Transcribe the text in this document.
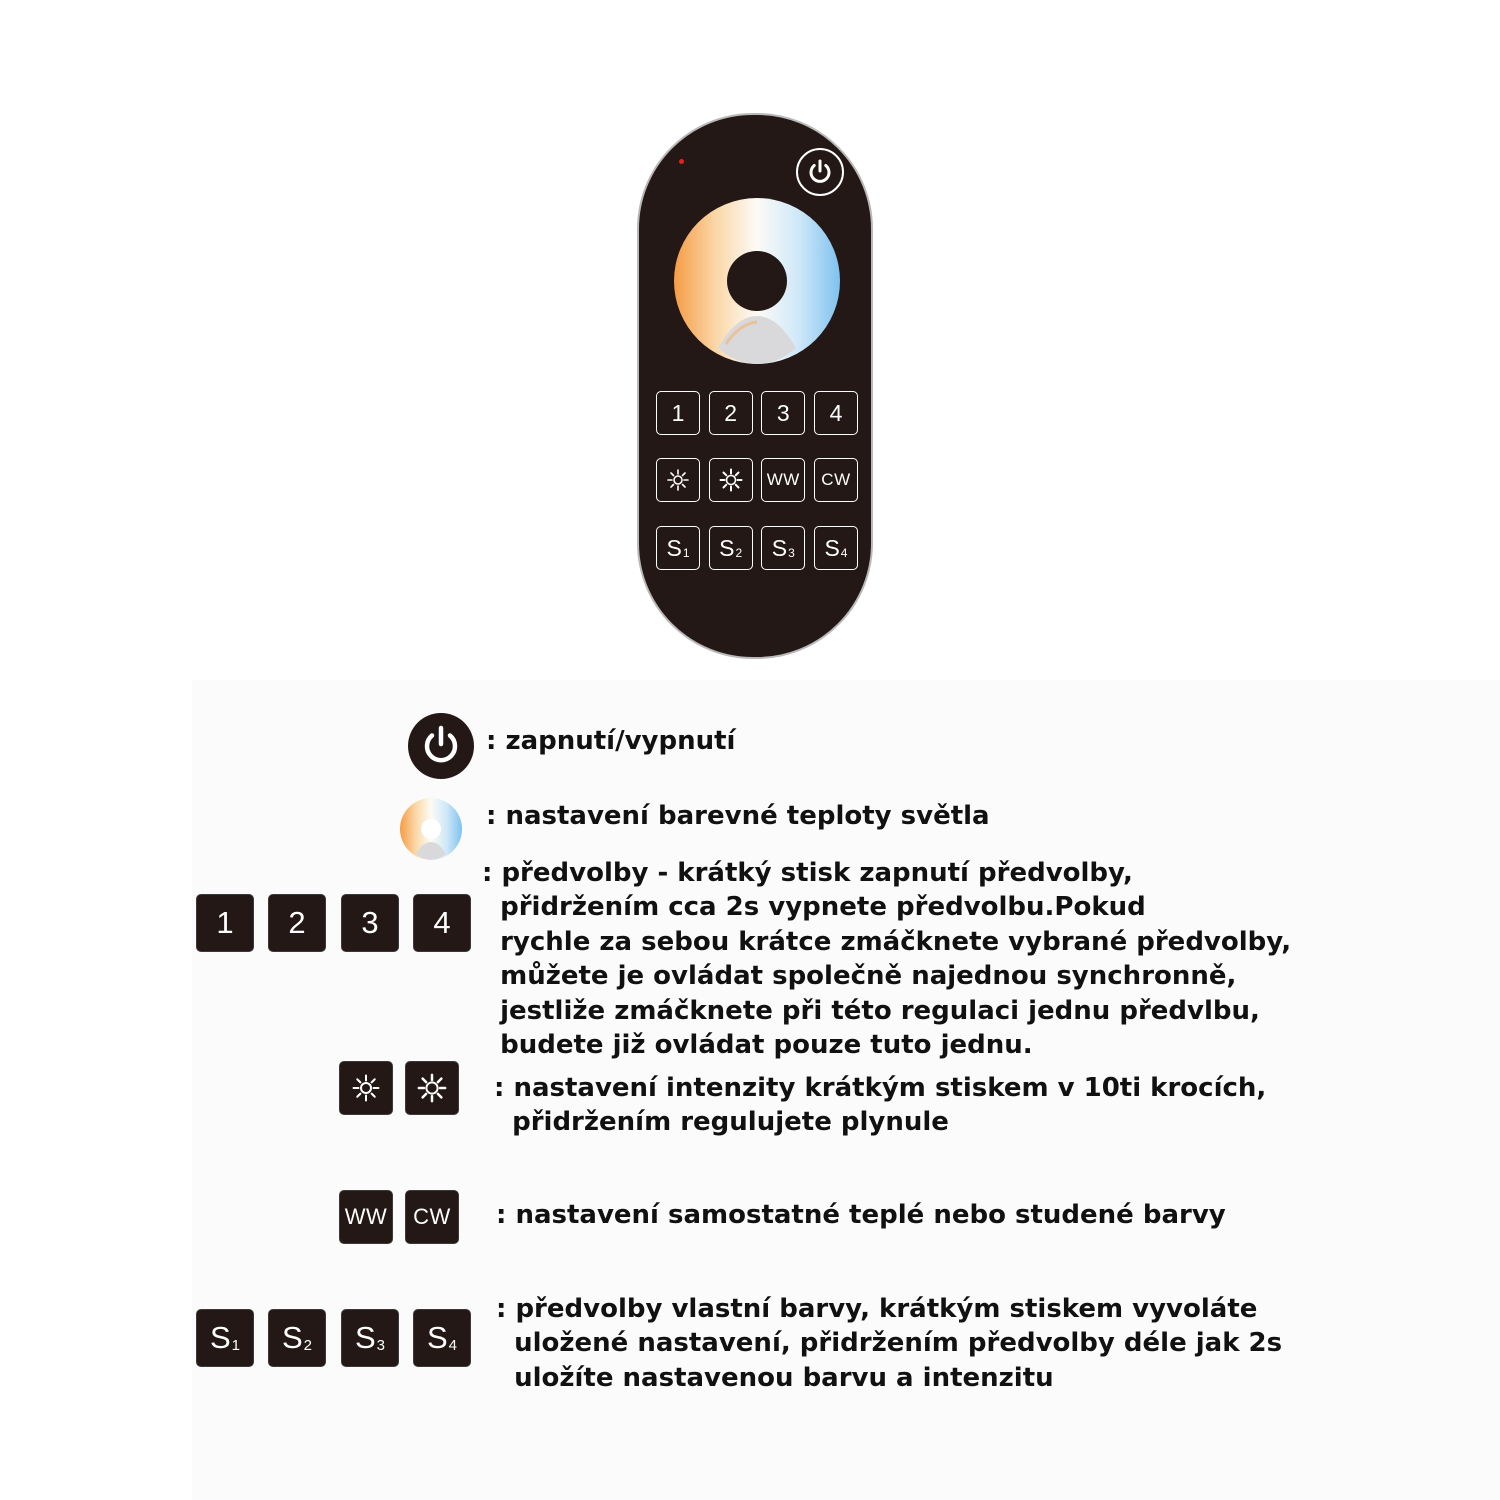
1	2	3	4
WW	CW
S 1 S 2 S 3 S 4

: zapnutí/vypnutí

: nastavení barevné teploty světla

1	2	3	4

: předvolby - krátký stisk zapnutí předvolby,
přidržením cca 2s vypnete předvolbu.Pokud
rychle za sebou krátce zmáčknete vybrané předvolby,
můžete je ovládat společně najednou synchronně,
jestliže zmáčknete při této regulaci jednu předvlbu,
budete již ovládat pouze tuto jednu.

: nastavení intenzity krátkým stiskem v 10ti krocích,
přidržením regulujete plynule

WW	CW	: nastavení samostatné teplé nebo studené barvy

S 1 S 2 S 3 S 4

: předvolby vlastní barvy, krátkým stiskem vyvoláte
uložené nastavení, přidržením předvolby déle jak 2s
uložíte nastavenou barvu a intenzitu
